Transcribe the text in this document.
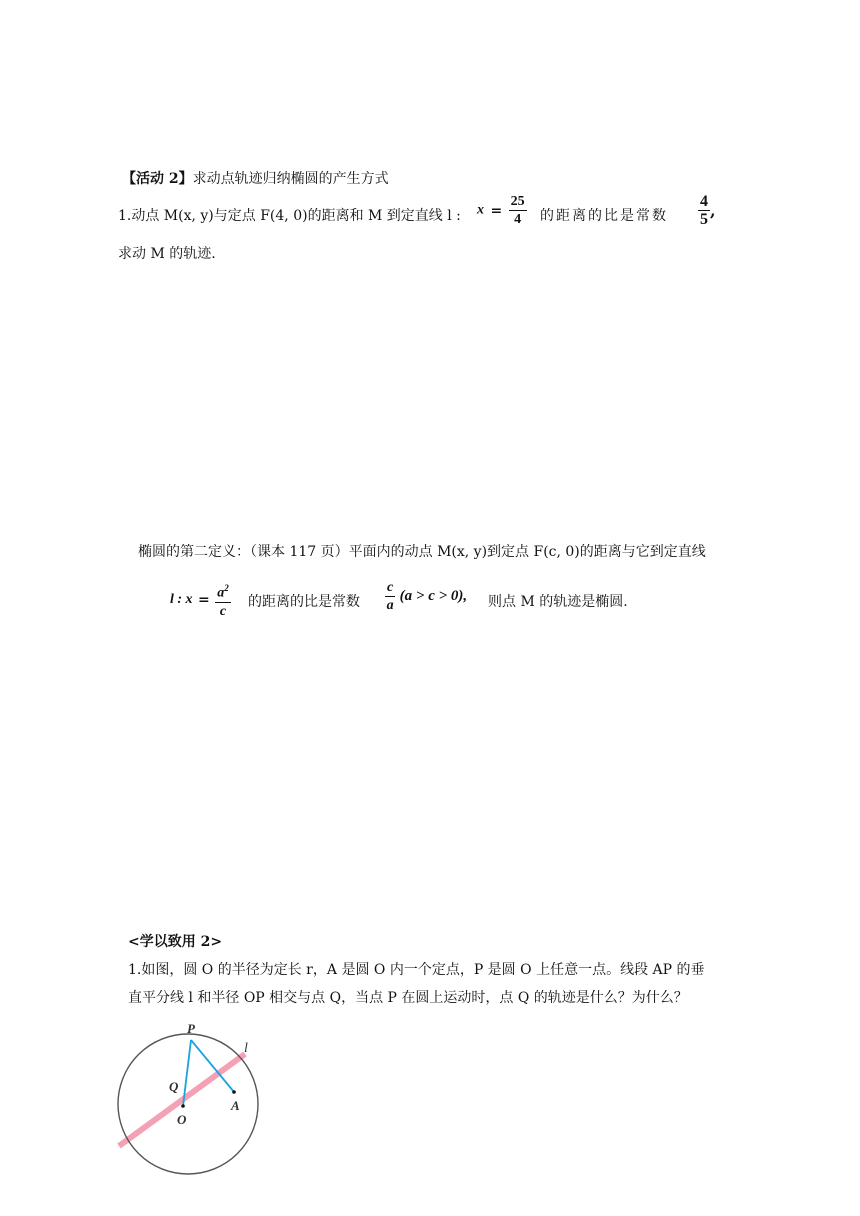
【活动 2】求动点轨迹归纳椭圆的产生方式
1.动点 M(x, y)与定点 F(4, 0)的距离和 M 到定直线 l : $x = \frac{25}{4}$ 的距离的比是常数 $\frac{4}{5}$ ,
求动 M 的轨迹.
椭圆的第二定义：（课本 117 页）平面内的动点 M(x, y)到定点 F(c, 0)的距离与它到定直线
l : $x = \frac{a^2}{c}$ 的距离的比是常数 $\frac{c}{a} (a > c > 0)$, 则点 M 的轨迹是椭圆.
<学以致用 2>
1.如图，圆 O 的半径为定长 r，A 是圆 O 内一个定点，P 是圆 O 上任意一点。线段 AP 的垂
直平分线 l 和半径 OP 相交与点 Q，当点 P 在圆上运动时，点 Q 的轨迹是什么？为什么？
P
l
Q
O
A
